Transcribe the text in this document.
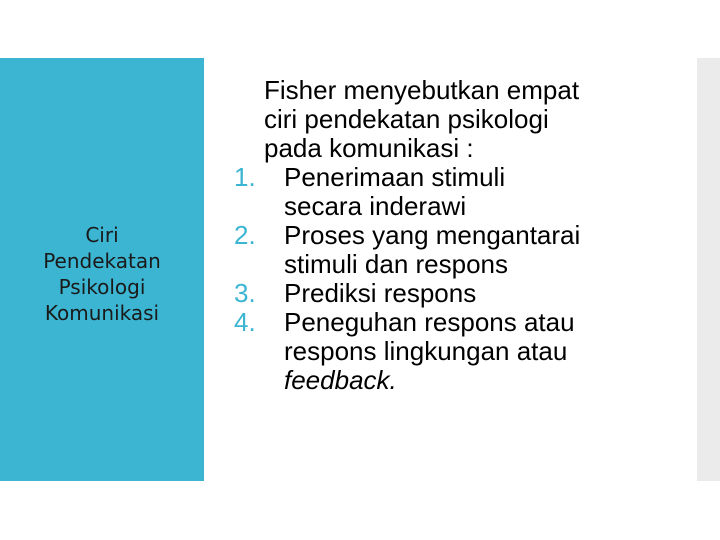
Ciri
Pendekatan
Psikologi
Komunikasi

Fisher menyebutkan empat
ciri pendekatan psikologi
pada komunikasi :

1.	Penerimaan stimuli
secara inderawi
2.	Proses yang mengantarai
stimuli dan respons
3.	Prediksi respons
4.	Peneguhan respons atau
respons lingkungan atau
feedback.
